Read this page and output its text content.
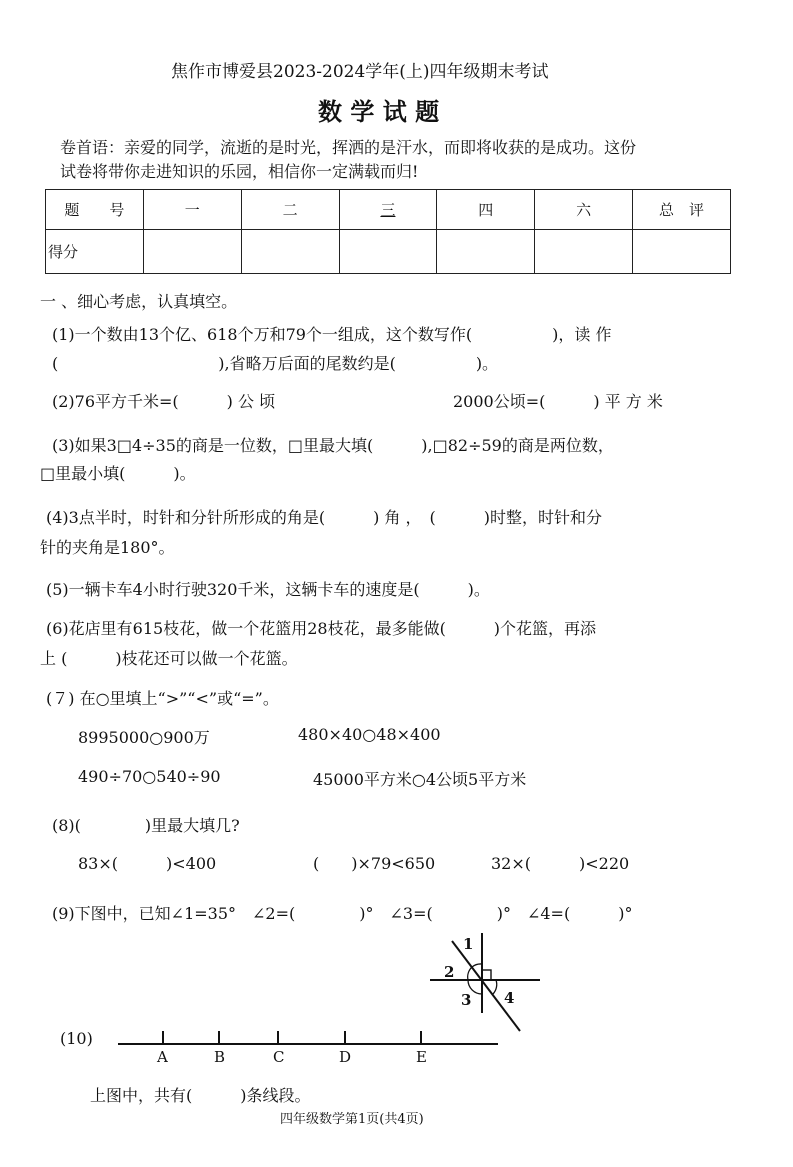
焦作市博爱县2023-2024学年(上)四年级期末考试
数 学 试 题
卷首语：亲爱的同学，流逝的是时光，挥洒的是汗水，而即将收获的是成功。这份
试卷将带你走进知识的乐园，相信你一定满载而归!
题　　号	一	二	三	四	六	总　评
得分						
一 、细心考虑，认真填空。
(1)一个数由13个亿、618个万和79个一组成，这个数写作(　　　　　)，读 作
(　　　　　　　　　　),省略万后面的尾数约是(　　　　　)。
(2)76平方千米=(　　　) 公 顷	2000公顷=(　　　) 平 方 米
(3)如果3□4÷35的商是一位数，□里最大填(　　　),□82÷59的商是两位数，
□里最小填(　　　)。
(4)3点半时，时针和分针所形成的角是(　　　) 角 ，　(　　　)时整，时针和分
针的夹角是180°。
(5)一辆卡车4小时行驶320千米，这辆卡车的速度是(　　　)。
(6)花店里有615枝花，做一个花篮用28枝花，最多能做(　　　)个花篮，再添
上 (　　　)枝花还可以做一个花篮。
(７) 在○里填上“>”“<”或“=”。
8995000○900万	480×40○48×400
490÷70○540÷90	45000平方米○4公顷5平方米
(8)(　　　　)里最大填几?
83×(　　　)<400	(　　)×79<650	32×(　　　)<220
(9)下图中，已知∠1=35°　∠2=(　　　　)°　∠3=(　　　　)°　∠4=(　　　)°
1
2
3 4
(10)
A	B	C	D	E
上图中，共有(　　　)条线段。
四年级数学第1页(共4页)
